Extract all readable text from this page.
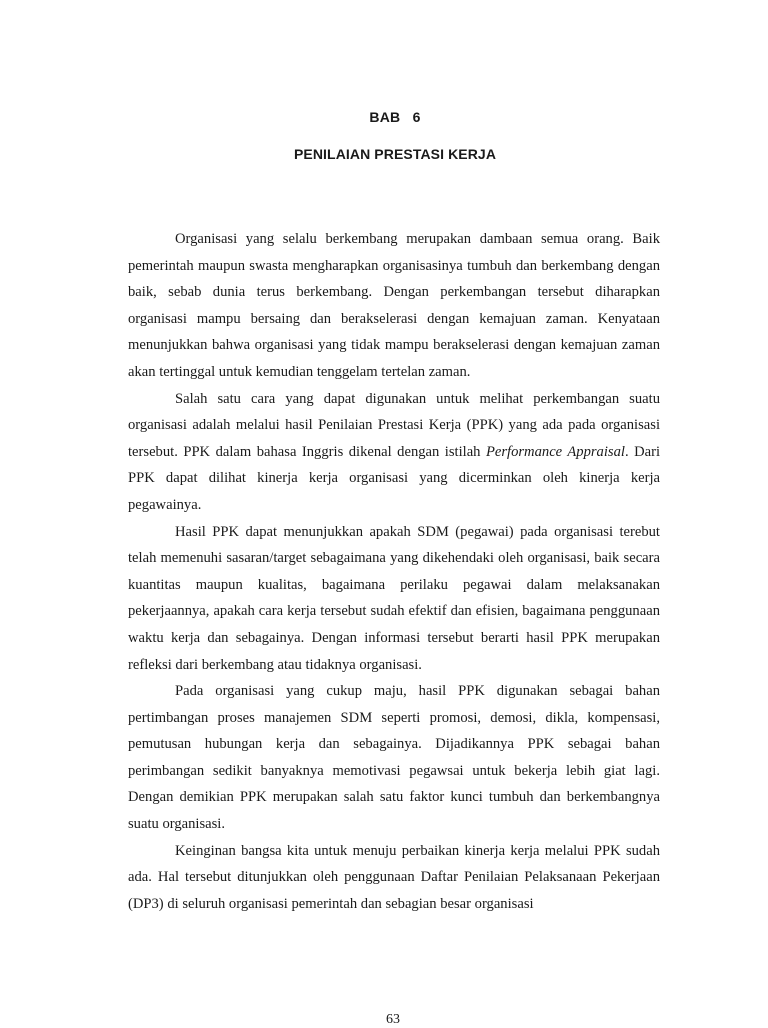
BAB   6
PENILAIAN PRESTASI KERJA

Organisasi yang selalu berkembang merupakan dambaan semua orang. Baik pemerintah maupun swasta mengharapkan organisasinya tumbuh dan berkembang dengan baik, sebab dunia terus berkembang. Dengan perkembangan tersebut diharapkan organisasi mampu bersaing dan berakselerasi dengan kemajuan zaman. Kenyataan menunjukkan bahwa organisasi yang tidak mampu berakselerasi dengan kemajuan zaman akan tertinggal untuk kemudian tenggelam tertelan zaman.

Salah satu cara yang dapat digunakan untuk melihat perkembangan suatu organisasi adalah melalui hasil Penilaian Prestasi Kerja (PPK) yang ada pada organisasi tersebut. PPK dalam bahasa Inggris dikenal dengan istilah Performance Appraisal. Dari PPK dapat dilihat kinerja kerja organisasi yang dicerminkan oleh kinerja kerja pegawainya.

Hasil PPK dapat menunjukkan apakah SDM (pegawai) pada organisasi terebut telah memenuhi sasaran/target sebagaimana yang dikehendaki oleh organisasi, baik secara kuantitas maupun kualitas, bagaimana perilaku pegawai dalam melaksanakan pekerjaannya, apakah cara kerja tersebut sudah efektif dan efisien, bagaimana penggunaan waktu kerja dan sebagainya. Dengan informasi tersebut berarti hasil PPK merupakan refleksi dari berkembang atau tidaknya organisasi.

Pada organisasi yang cukup maju, hasil PPK digunakan sebagai bahan pertimbangan proses manajemen SDM seperti promosi, demosi, dikla, kompensasi, pemutusan hubungan kerja dan sebagainya. Dijadikannya PPK sebagai bahan perimbangan sedikit banyaknya memotivasi pegawsai untuk bekerja lebih giat lagi. Dengan demikian PPK merupakan salah satu faktor kunci tumbuh dan berkembangnya suatu organisasi.

Keinginan bangsa kita untuk menuju perbaikan kinerja kerja melalui PPK sudah ada. Hal tersebut ditunjukkan oleh penggunaan Daftar Penilaian Pelaksanaan Pekerjaan (DP3) di seluruh organisasi pemerintah dan sebagian besar organisasi

63
